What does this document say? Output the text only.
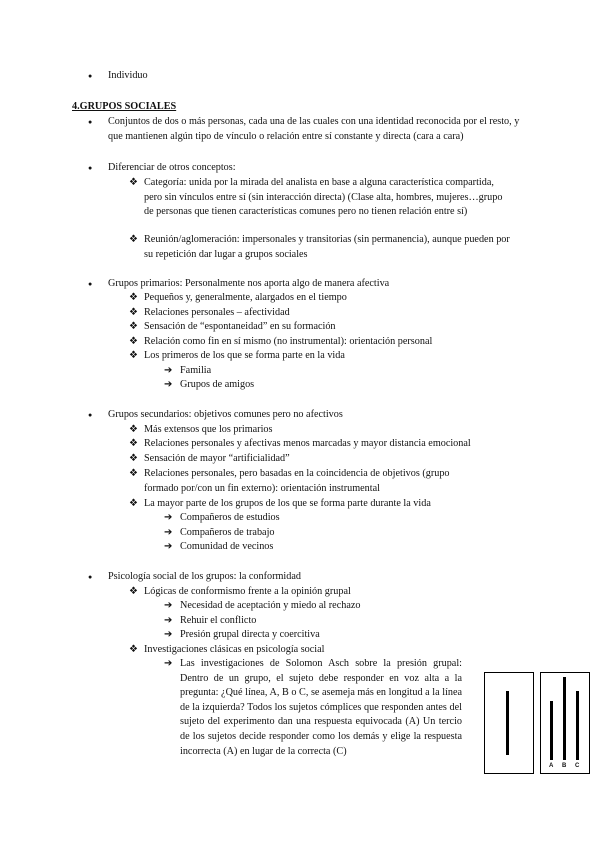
● Individuo
4.GRUPOS SOCIALES
● Conjuntos de dos o más personas, cada una de las cuales con una identidad reconocida por el resto, y que mantienen algún tipo de vínculo o relación entre sí constante y directa (cara a cara)
● Diferenciar de otros conceptos:
❖ Categoría: unida por la mirada del analista en base a alguna característica compartida, pero sin vínculos entre sí (sin interacción directa) (Clase alta, hombres, mujeres…grupo de personas que tienen características comunes pero no tienen relación entre sí)
❖ Reunión/aglomeración: impersonales y transitorias (sin permanencia), aunque pueden por su repetición dar lugar a grupos sociales
● Grupos primarios: Personalmente nos aporta algo de manera afectiva
❖ Pequeños y, generalmente, alargados en el tiempo
❖ Relaciones personales – afectividad
❖ Sensación de “espontaneidad” en su formación
❖ Relación como fin en sí mismo (no instrumental): orientación personal
❖ Los primeros de los que se forma parte en la vida
➔ Familia
➔ Grupos de amigos
● Grupos secundarios: objetivos comunes pero no afectivos
❖ Más extensos que los primarios
❖ Relaciones personales y afectivas menos marcadas y mayor distancia emocional
❖ Sensación de mayor “artificialidad”
❖ Relaciones personales, pero basadas en la coincidencia de objetivos (grupo formado por/con un fin externo): orientación instrumental
❖ La mayor parte de los grupos de los que se forma parte durante la vida
➔ Compañeros de estudios
➔ Compañeros de trabajo
➔ Comunidad de vecinos
● Psicología social de los grupos: la conformidad
❖ Lógicas de conformismo frente a la opinión grupal
➔ Necesidad de aceptación y miedo al rechazo
➔ Rehuir el conflicto
➔ Presión grupal directa y coercitiva
❖ Investigaciones clásicas en psicología social
➔ Las investigaciones de Solomon Asch sobre la presión grupal: Dentro de un grupo, el sujeto debe responder en voz alta a la pregunta: ¿Qué línea, A, B o C, se asemeja más en longitud a la línea de la izquierda? Todos los sujetos cómplices que responden antes del sujeto del experimento dan una respuesta equivocada (A) Un tercio de los sujetos decide responder como los demás y elige la respuesta incorrecta (A) en lugar de la correcta (C)
A B C
